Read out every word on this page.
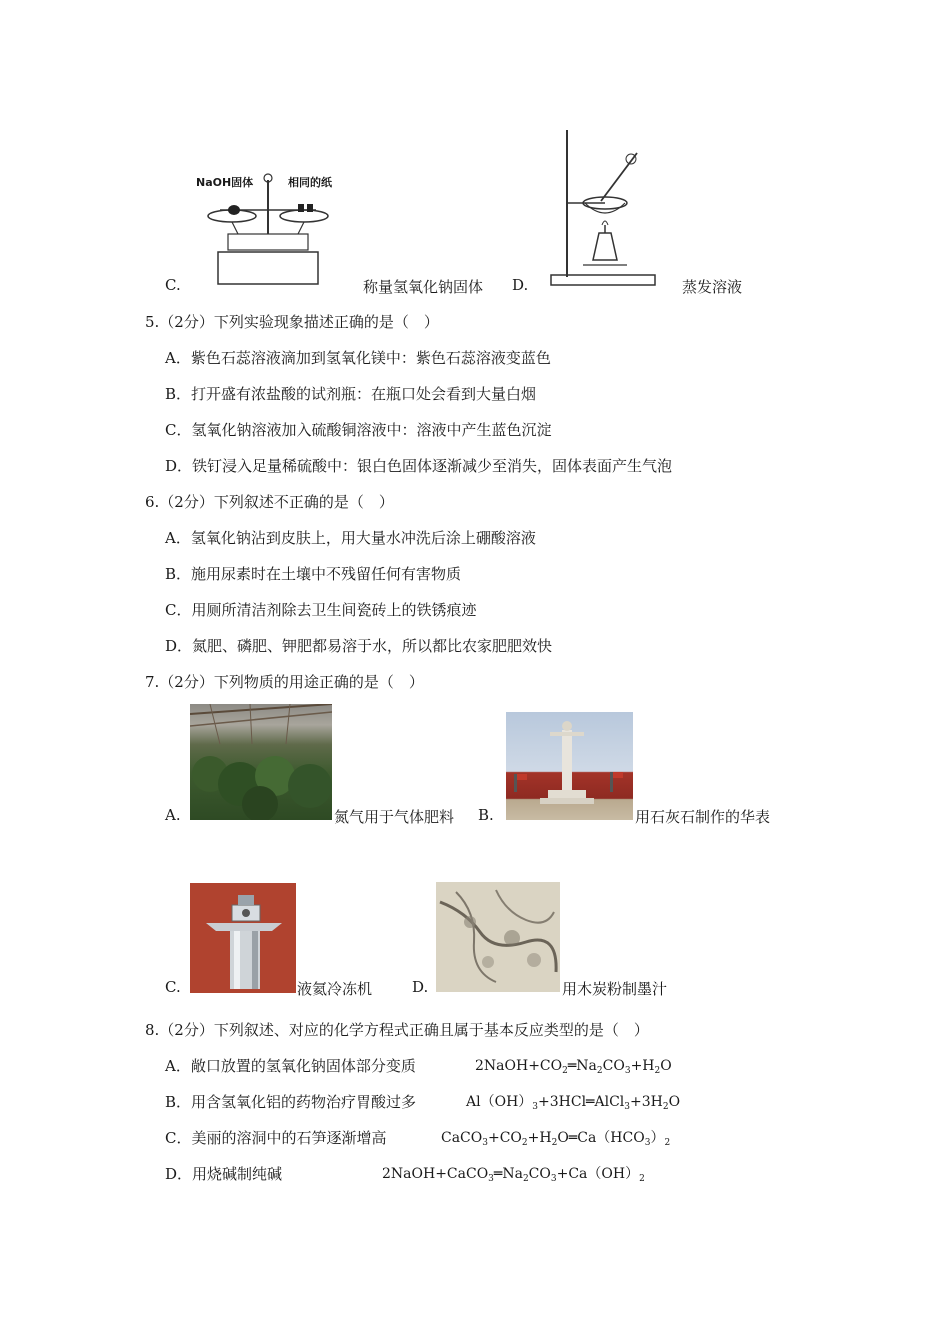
NaOH固体	相同的纸
C.	称量氢氧化钠固体 D.	蒸发溶液
5.（2分）下列实验现象描述正确的是（　）
A．紫色石蕊溶液滴加到氢氧化镁中：紫色石蕊溶液变蓝色
B．打开盛有浓盐酸的试剂瓶：在瓶口处会看到大量白烟
C．氢氧化钠溶液加入硫酸铜溶液中：溶液中产生蓝色沉淀
D．铁钉浸入足量稀硫酸中：银白色固体逐渐减少至消失，固体表面产生气泡
6.（2分）下列叙述不正确的是（　）
A．氢氧化钠沾到皮肤上，用大量水冲洗后涂上硼酸溶液
B．施用尿素时在土壤中不残留任何有害物质
C．用厕所清洁剂除去卫生间瓷砖上的铁锈痕迹
D．氮肥、磷肥、钾肥都易溶于水，所以都比农家肥肥效快
7.（2分）下列物质的用途正确的是（　）
A.	氮气用于气体肥料 B.	用石灰石制作的华表
C.	液氦冷冻机	D.	用木炭粉制墨汁
8.（2分）下列叙述、对应的化学方程式正确且属于基本反应类型的是（　）
A．敞口放置的氢氧化钠固体部分变质	$2NaOH+CO_2═Na_2CO_3+H_2O$
B．用含氢氧化铝的药物治疗胃酸过多	$Al(OH)_3+3HCl═AlCl_3+3H_2O$
C．美丽的溶洞中的石笋逐渐增高	$CaCO_3+CO_2+H_2O═Ca(HCO_3)_2$
D．用烧碱制纯碱	$2NaOH+CaCO_3═Na_2CO_3+Ca(OH)_2$
